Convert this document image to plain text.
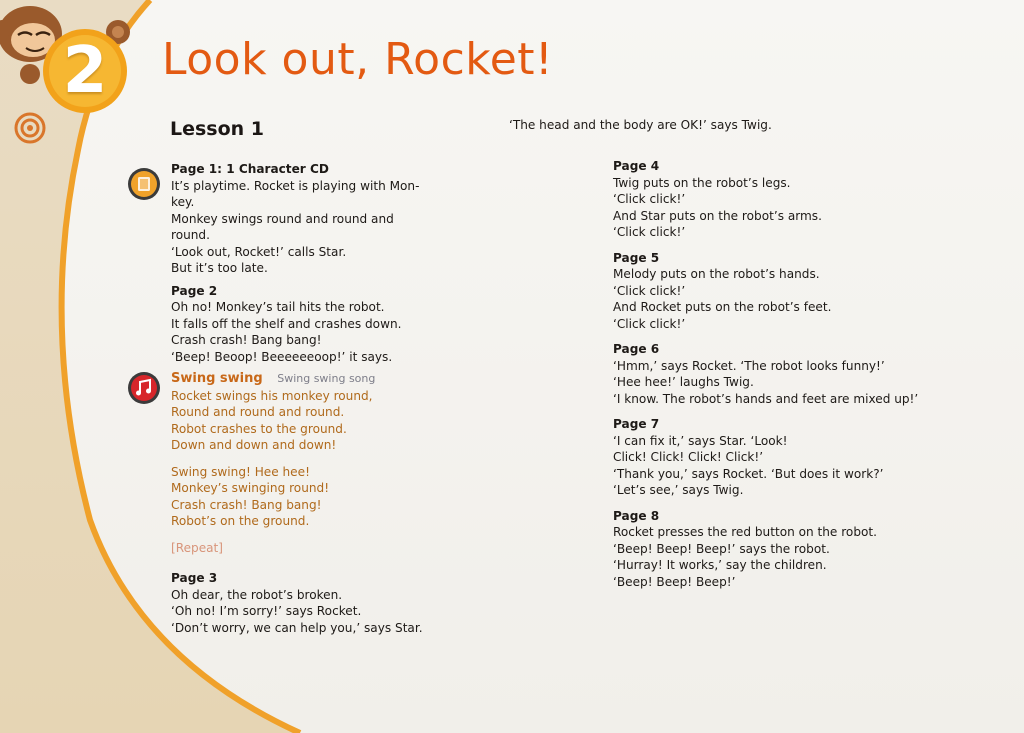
2	Look out, Rocket!
Lesson 1	‘The head and the body are OK!’ says Twig.
Page 1: 1 Character CD
It’s playtime. Rocket is playing with Mon-
key.
Monkey swings round and round and
round.
‘Look out, Rocket!’ calls Star.
But it’s too late.
Page 2
Oh no! Monkey’s tail hits the robot.
It falls off the shelf and crashes down.
Crash crash! Bang bang!
‘Beep! Beoop! Beeeeeeoop!’ it says.
Swing swing Swing swing song
Rocket swings his monkey round,
Round and round and round.
Robot crashes to the ground.
Down and down and down!
Swing swing! Hee hee!
Monkey’s swinging round!
Crash crash! Bang bang!
Robot’s on the ground.
[Repeat]
Page 3
Oh dear, the robot’s broken.
‘Oh no! I’m sorry!’ says Rocket.
‘Don’t worry, we can help you,’ says Star.
Page 4
Twig puts on the robot’s legs.
‘Click click!’
And Star puts on the robot’s arms.
‘Click click!’
Page 5
Melody puts on the robot’s hands.
‘Click click!’
And Rocket puts on the robot’s feet.
‘Click click!’
Page 6
‘Hmm,’ says Rocket. ‘The robot looks funny!’
‘Hee hee!’ laughs Twig.
‘I know. The robot’s hands and feet are mixed up!’
Page 7
‘I can fix it,’ says Star. ‘Look!
Click! Click! Click! Click!’
‘Thank you,’ says Rocket. ‘But does it work?’
‘Let’s see,’ says Twig.
Page 8
Rocket presses the red button on the robot.
‘Beep! Beep! Beep!’ says the robot.
‘Hurray! It works,’ say the children.
‘Beep! Beep! Beep!’
